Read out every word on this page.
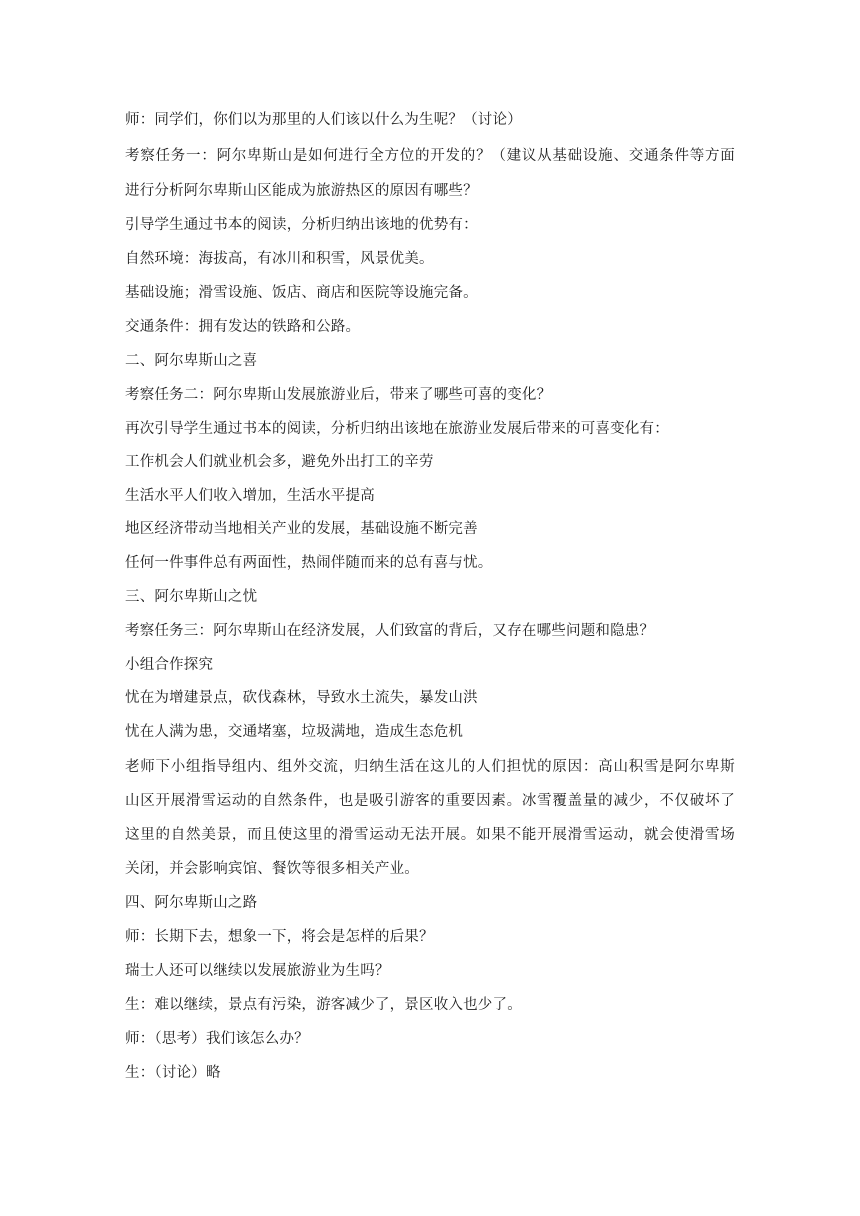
师：同学们，你们以为那里的人们该以什么为生呢？（讨论）

考察任务一：阿尔卑斯山是如何进行全方位的开发的？（建议从基础设施、交通条件等方面

进行分析阿尔卑斯山区能成为旅游热区的原因有哪些？

引导学生通过书本的阅读，分析归纳出该地的优势有：

自然环境：海拔高，有冰川和积雪，风景优美。

基础设施；滑雪设施、饭店、商店和医院等设施完备。

交通条件：拥有发达的铁路和公路。

二、阿尔卑斯山之喜

考察任务二：阿尔卑斯山发展旅游业后，带来了哪些可喜的变化？

再次引导学生通过书本的阅读，分析归纳出该地在旅游业发展后带来的可喜变化有：

工作机会人们就业机会多，避免外出打工的辛劳

生活水平人们收入增加，生活水平提高

地区经济带动当地相关产业的发展，基础设施不断完善

任何一件事件总有两面性，热闹伴随而来的总有喜与忧。

三、阿尔卑斯山之忧

考察任务三：阿尔卑斯山在经济发展，人们致富的背后，又存在哪些问题和隐患？

小组合作探究

忧在为增建景点，砍伐森林，导致水土流失，暴发山洪

忧在人满为患，交通堵塞，垃圾满地，造成生态危机

老师下小组指导组内、组外交流，归纳生活在这儿的人们担忧的原因：高山积雪是阿尔卑斯

山区开展滑雪运动的自然条件，也是吸引游客的重要因素。冰雪覆盖量的减少，不仅破坏了

这里的自然美景，而且使这里的滑雪运动无法开展。如果不能开展滑雪运动，就会使滑雪场

关闭，并会影响宾馆、餐饮等很多相关产业。

四、阿尔卑斯山之路

师：长期下去，想象一下，将会是怎样的后果？

瑞士人还可以继续以发展旅游业为生吗？

生：难以继续，景点有污染，游客减少了，景区收入也少了。

师：（思考）我们该怎么办？

生：（讨论）略
